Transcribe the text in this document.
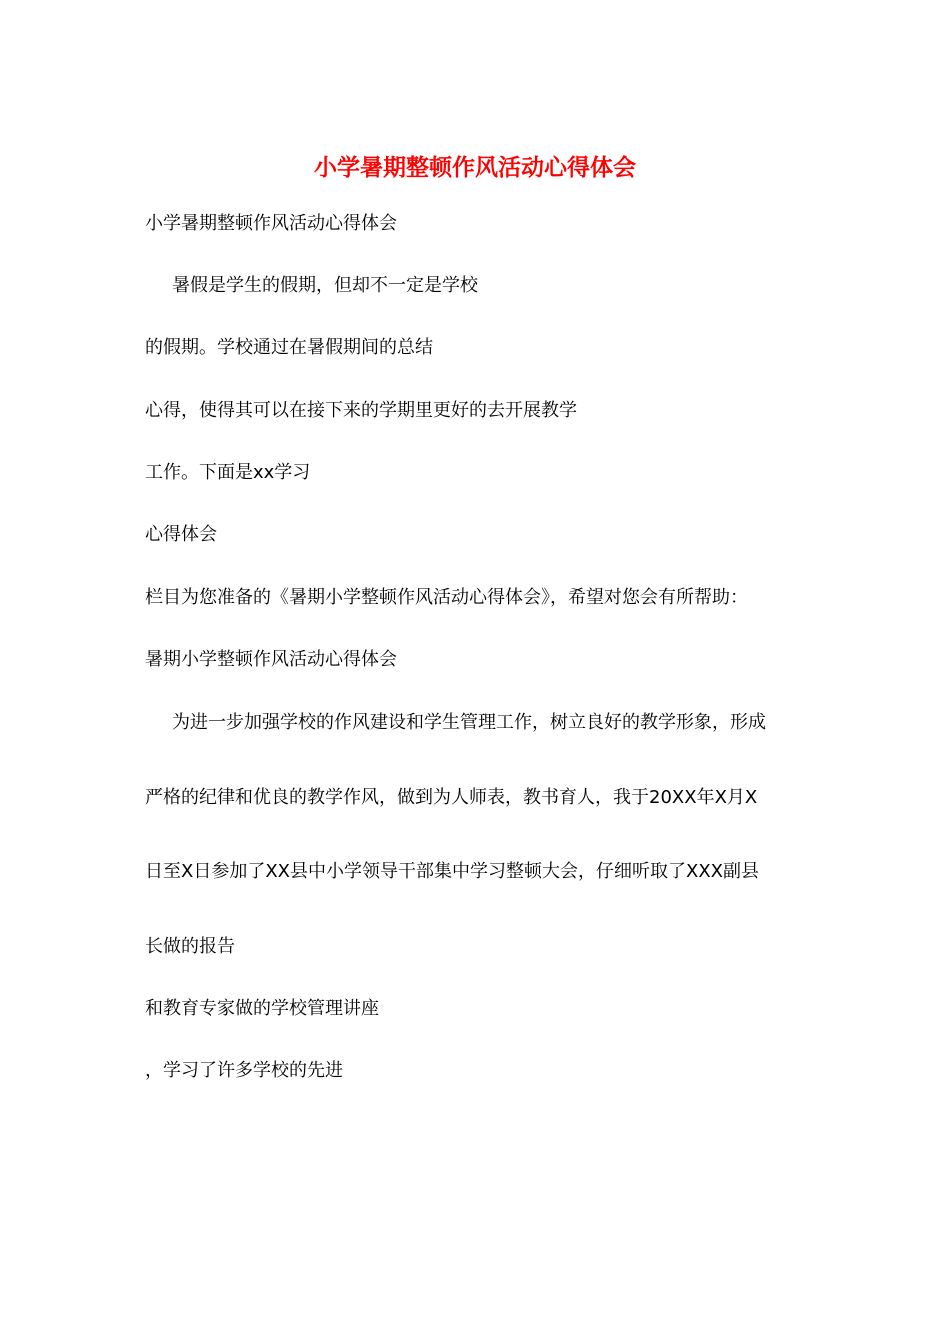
小学暑期整顿作风活动心得体会
小学暑期整顿作风活动心得体会
暑假是学生的假期，但却不一定是学校
的假期。学校通过在暑假期间的总结
心得，使得其可以在接下来的学期里更好的去开展教学
工作。下面是xx学习
心得体会
栏目为您准备的《暑期小学整顿作风活动心得体会》，希望对您会有所帮助：
暑期小学整顿作风活动心得体会
为进一步加强学校的作风建设和学生管理工作，树立良好的教学形象，形成
严格的纪律和优良的教学作风，做到为人师表，教书育人，我于20XX年X月X
日至X日参加了XX县中小学领导干部集中学习整顿大会，仔细听取了XXX副县
长做的报告
和教育专家做的学校管理讲座
，学习了许多学校的先进
